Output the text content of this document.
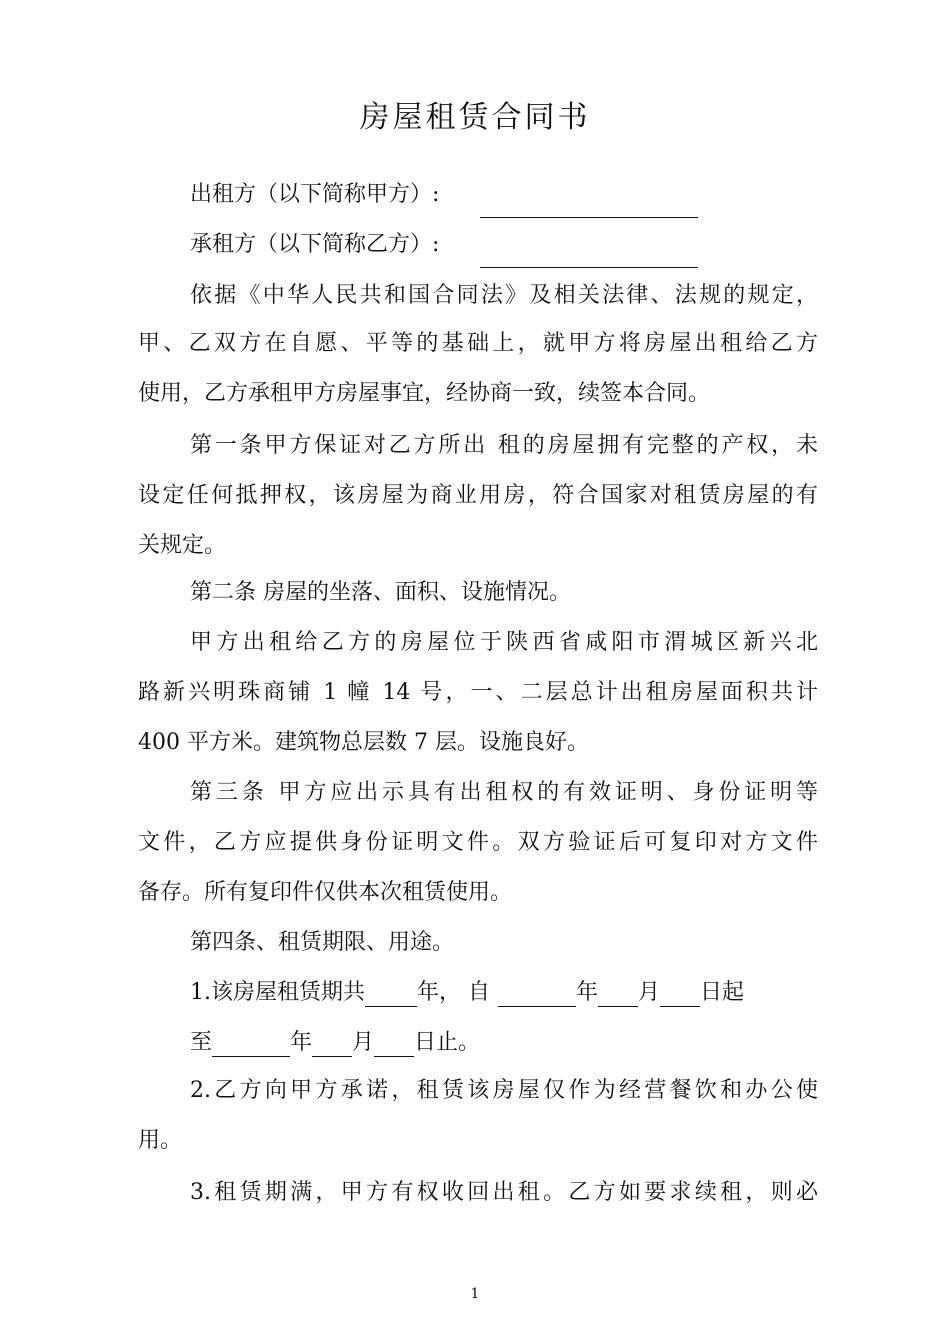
房屋租赁合同书
出租方（以下简称甲方）:
承租方（以下简称乙方）:
依据《中华人民共和国合同法》及相关法律、法规的规定，
甲、乙双方在自愿、平等的基础上，就甲方将房屋出租给乙方
使用，乙方承租甲方房屋事宜，经协商一致，续签本合同。
第一条甲方保证对乙方所出 租的房屋拥有完整的产权，未
设定任何抵押权，该房屋为商业用房，符合国家对租赁房屋的有
关规定。
第二条 房屋的坐落、面积、设施情况。
甲方出租给乙方的房屋位于陕西省咸阳市渭城区新兴北
路新兴明珠商铺 1 幢 14 号，一、二层总计出租房屋面积共计
400 平方米。建筑物总层数 7 层。设施良好。
第三条 甲方应出示具有出租权的有效证明、身份证明等
文件，乙方应提供身份证明文件。双方验证后可复印对方文件
备存。所有复印件仅供本次租赁使用。
第四条、租赁期限、用途。
1.该房屋租赁期共 年， 自	年 月 日起
至	年 月 日止。
2.乙方向甲方承诺，租赁该房屋仅作为经营餐饮和办公使
用。
3.租赁期满，甲方有权收回出租。乙方如要求续租，则必
1
